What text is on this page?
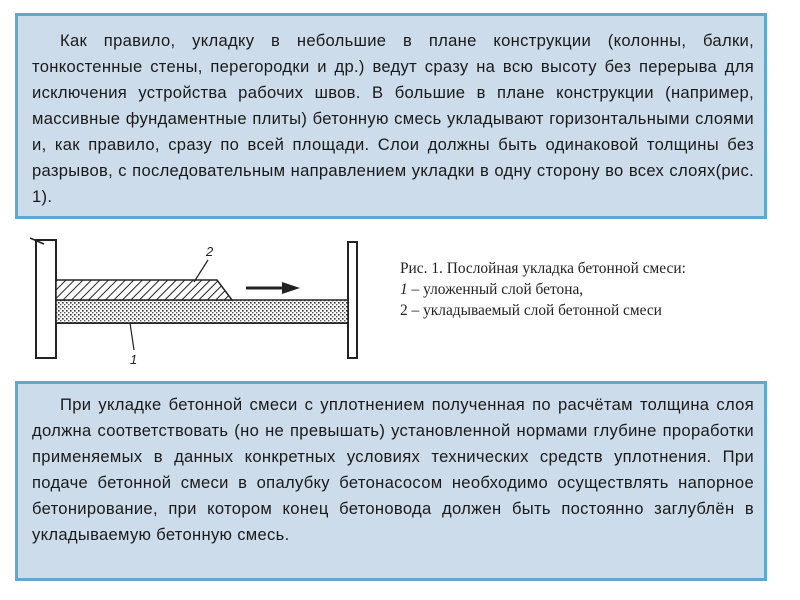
Как правило, укладку в небольшие в плане конструкции (колонны, балки, тонкостенные стены, перегородки и др.) ведут сразу на всю высоту без перерыва для исключения устройства рабочих швов. В большие в плане конструкции (например, массивные фундаментные плиты) бетонную смесь укладывают горизонтальными слоями и, как правило, сразу по всей площади. Слои должны быть одинаковой толщины без разрывов, с последовательным направлением укладки в одну сторону во всех слоях(рис. 1).

2
1
Рис. 1. Послойная укладка бетонной смеси:
1 – уложенный слой бетона,
2 – укладываемый слой бетонной смеси

При укладке бетонной смеси с уплотнением полученная по расчётам толщина слоя должна соответствовать (но не превышать) установленной нормами глубине проработки применяемых в данных конкретных условиях технических средств уплотнения. При подаче бетонной смеси в опалубку бетонасосом необходимо осуществлять напорное бетонирование, при котором конец бетоновода должен быть постоянно заглублён в укладываемую бетонную смесь.
